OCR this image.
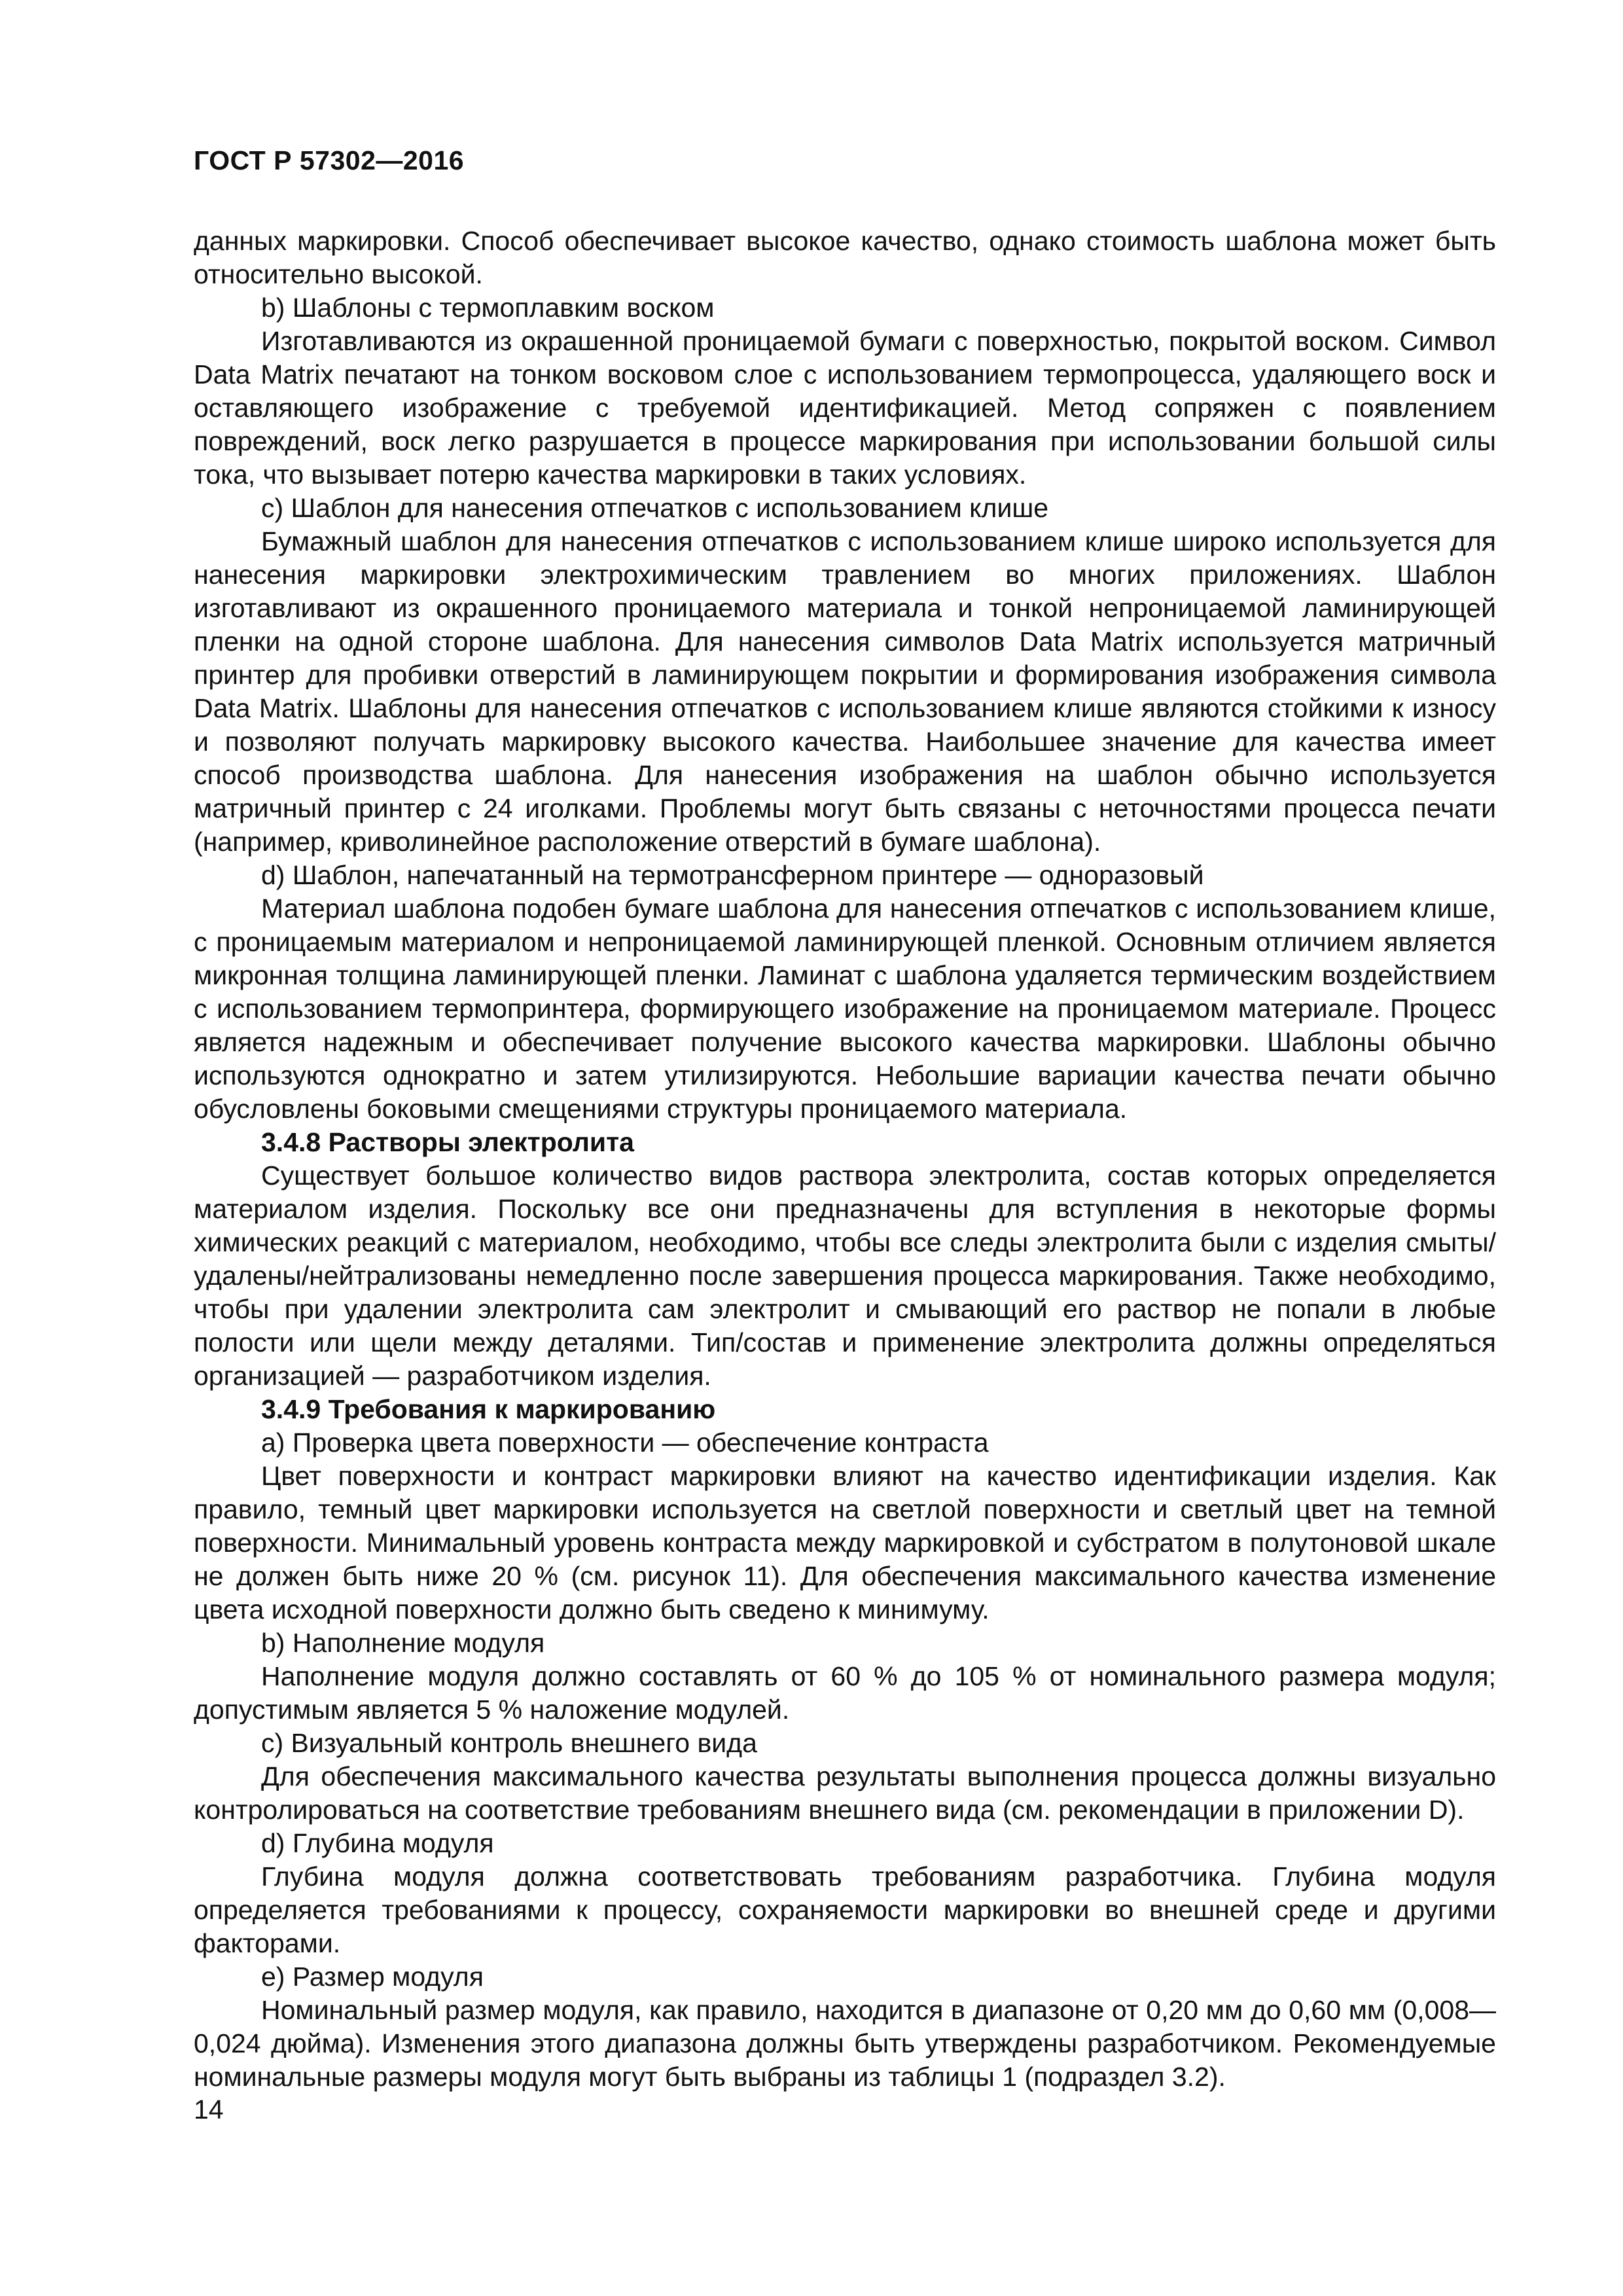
ГОСТ Р 57302—2016

данных маркировки. Способ обеспечивает высокое качество, однако стоимость шаблона может быть относительно высокой.

b) Шаблоны с термоплавким воском

Изготавливаются из окрашенной проницаемой бумаги с поверхностью, покрытой воском. Символ Data Matrix печатают на тонком восковом слое с использованием термопроцесса, удаляющего воск и оставляющего изображение с требуемой идентификацией. Метод сопряжен с появлением повреждений, воск легко разрушается в процессе маркирования при использовании большой силы тока, что вызывает потерю качества маркировки в таких условиях.

c) Шаблон для нанесения отпечатков с использованием клише

Бумажный шаблон для нанесения отпечатков с использованием клише широко используется для нанесения маркировки электрохимическим травлением во многих приложениях. Шаблон изготавливают из окрашенного проницаемого материала и тонкой непроницаемой ламинирующей пленки на одной стороне шаблона. Для нанесения символов Data Matrix используется матричный принтер для пробивки отверстий в ламинирующем покрытии и формирования изображения символа Data Matrix. Шаблоны для нанесения отпечатков с использованием клише являются стойкими к износу и позволяют получать маркировку высокого качества. Наибольшее значение для качества имеет способ производства шаблона. Для нанесения изображения на шаблон обычно используется матричный принтер с 24 иголками. Проблемы могут быть связаны с неточностями процесса печати (например, криволинейное расположение отверстий в бумаге шаблона).

d) Шаблон, напечатанный на термотрансферном принтере — одноразовый

Материал шаблона подобен бумаге шаблона для нанесения отпечатков с использованием клише, с проницаемым материалом и непроницаемой ламинирующей пленкой. Основным отличием является микронная толщина ламинирующей пленки. Ламинат с шаблона удаляется термическим воздействием с использованием термопринтера, формирующего изображение на проницаемом материале. Процесс является надежным и обеспечивает получение высокого качества маркировки. Шаблоны обычно используются однократно и затем утилизируются. Небольшие вариации качества печати обычно обусловлены боковыми смещениями структуры проницаемого материала.

3.4.8 Растворы электролита

Существует большое количество видов раствора электролита, состав которых определяется материалом изделия. Поскольку все они предназначены для вступления в некоторые формы химических реакций с материалом, необходимо, чтобы все следы электролита были с изделия смыты/удалены/нейтрализованы немедленно после завершения процесса маркирования. Также необходимо, чтобы при удалении электролита сам электролит и смывающий его раствор не попали в любые полости или щели между деталями. Тип/состав и применение электролита должны определяться организацией — разработчиком изделия.

3.4.9 Требования к маркированию

a) Проверка цвета поверхности — обеспечение контраста

Цвет поверхности и контраст маркировки влияют на качество идентификации изделия. Как правило, темный цвет маркировки используется на светлой поверхности и светлый цвет на темной поверхности. Минимальный уровень контраста между маркировкой и субстратом в полутоновой шкале не должен быть ниже 20 % (см. рисунок 11). Для обеспечения максимального качества изменение цвета исходной поверхности должно быть сведено к минимуму.

b) Наполнение модуля

Наполнение модуля должно составлять от 60 % до 105 % от номинального размера модуля; допустимым является 5 % наложение модулей.

c) Визуальный контроль внешнего вида

Для обеспечения максимального качества результаты выполнения процесса должны визуально контролироваться на соответствие требованиям внешнего вида (см. рекомендации в приложении D).

d) Глубина модуля

Глубина модуля должна соответствовать требованиям разработчика. Глубина модуля определяется требованиями к процессу, сохраняемости маркировки во внешней среде и другими факторами.

e) Размер модуля

Номинальный размер модуля, как правило, находится в диапазоне от 0,20 мм до 0,60 мм (0,008—0,024 дюйма). Изменения этого диапазона должны быть утверждены разработчиком. Рекомендуемые номинальные размеры модуля могут быть выбраны из таблицы 1 (подраздел 3.2).

14
